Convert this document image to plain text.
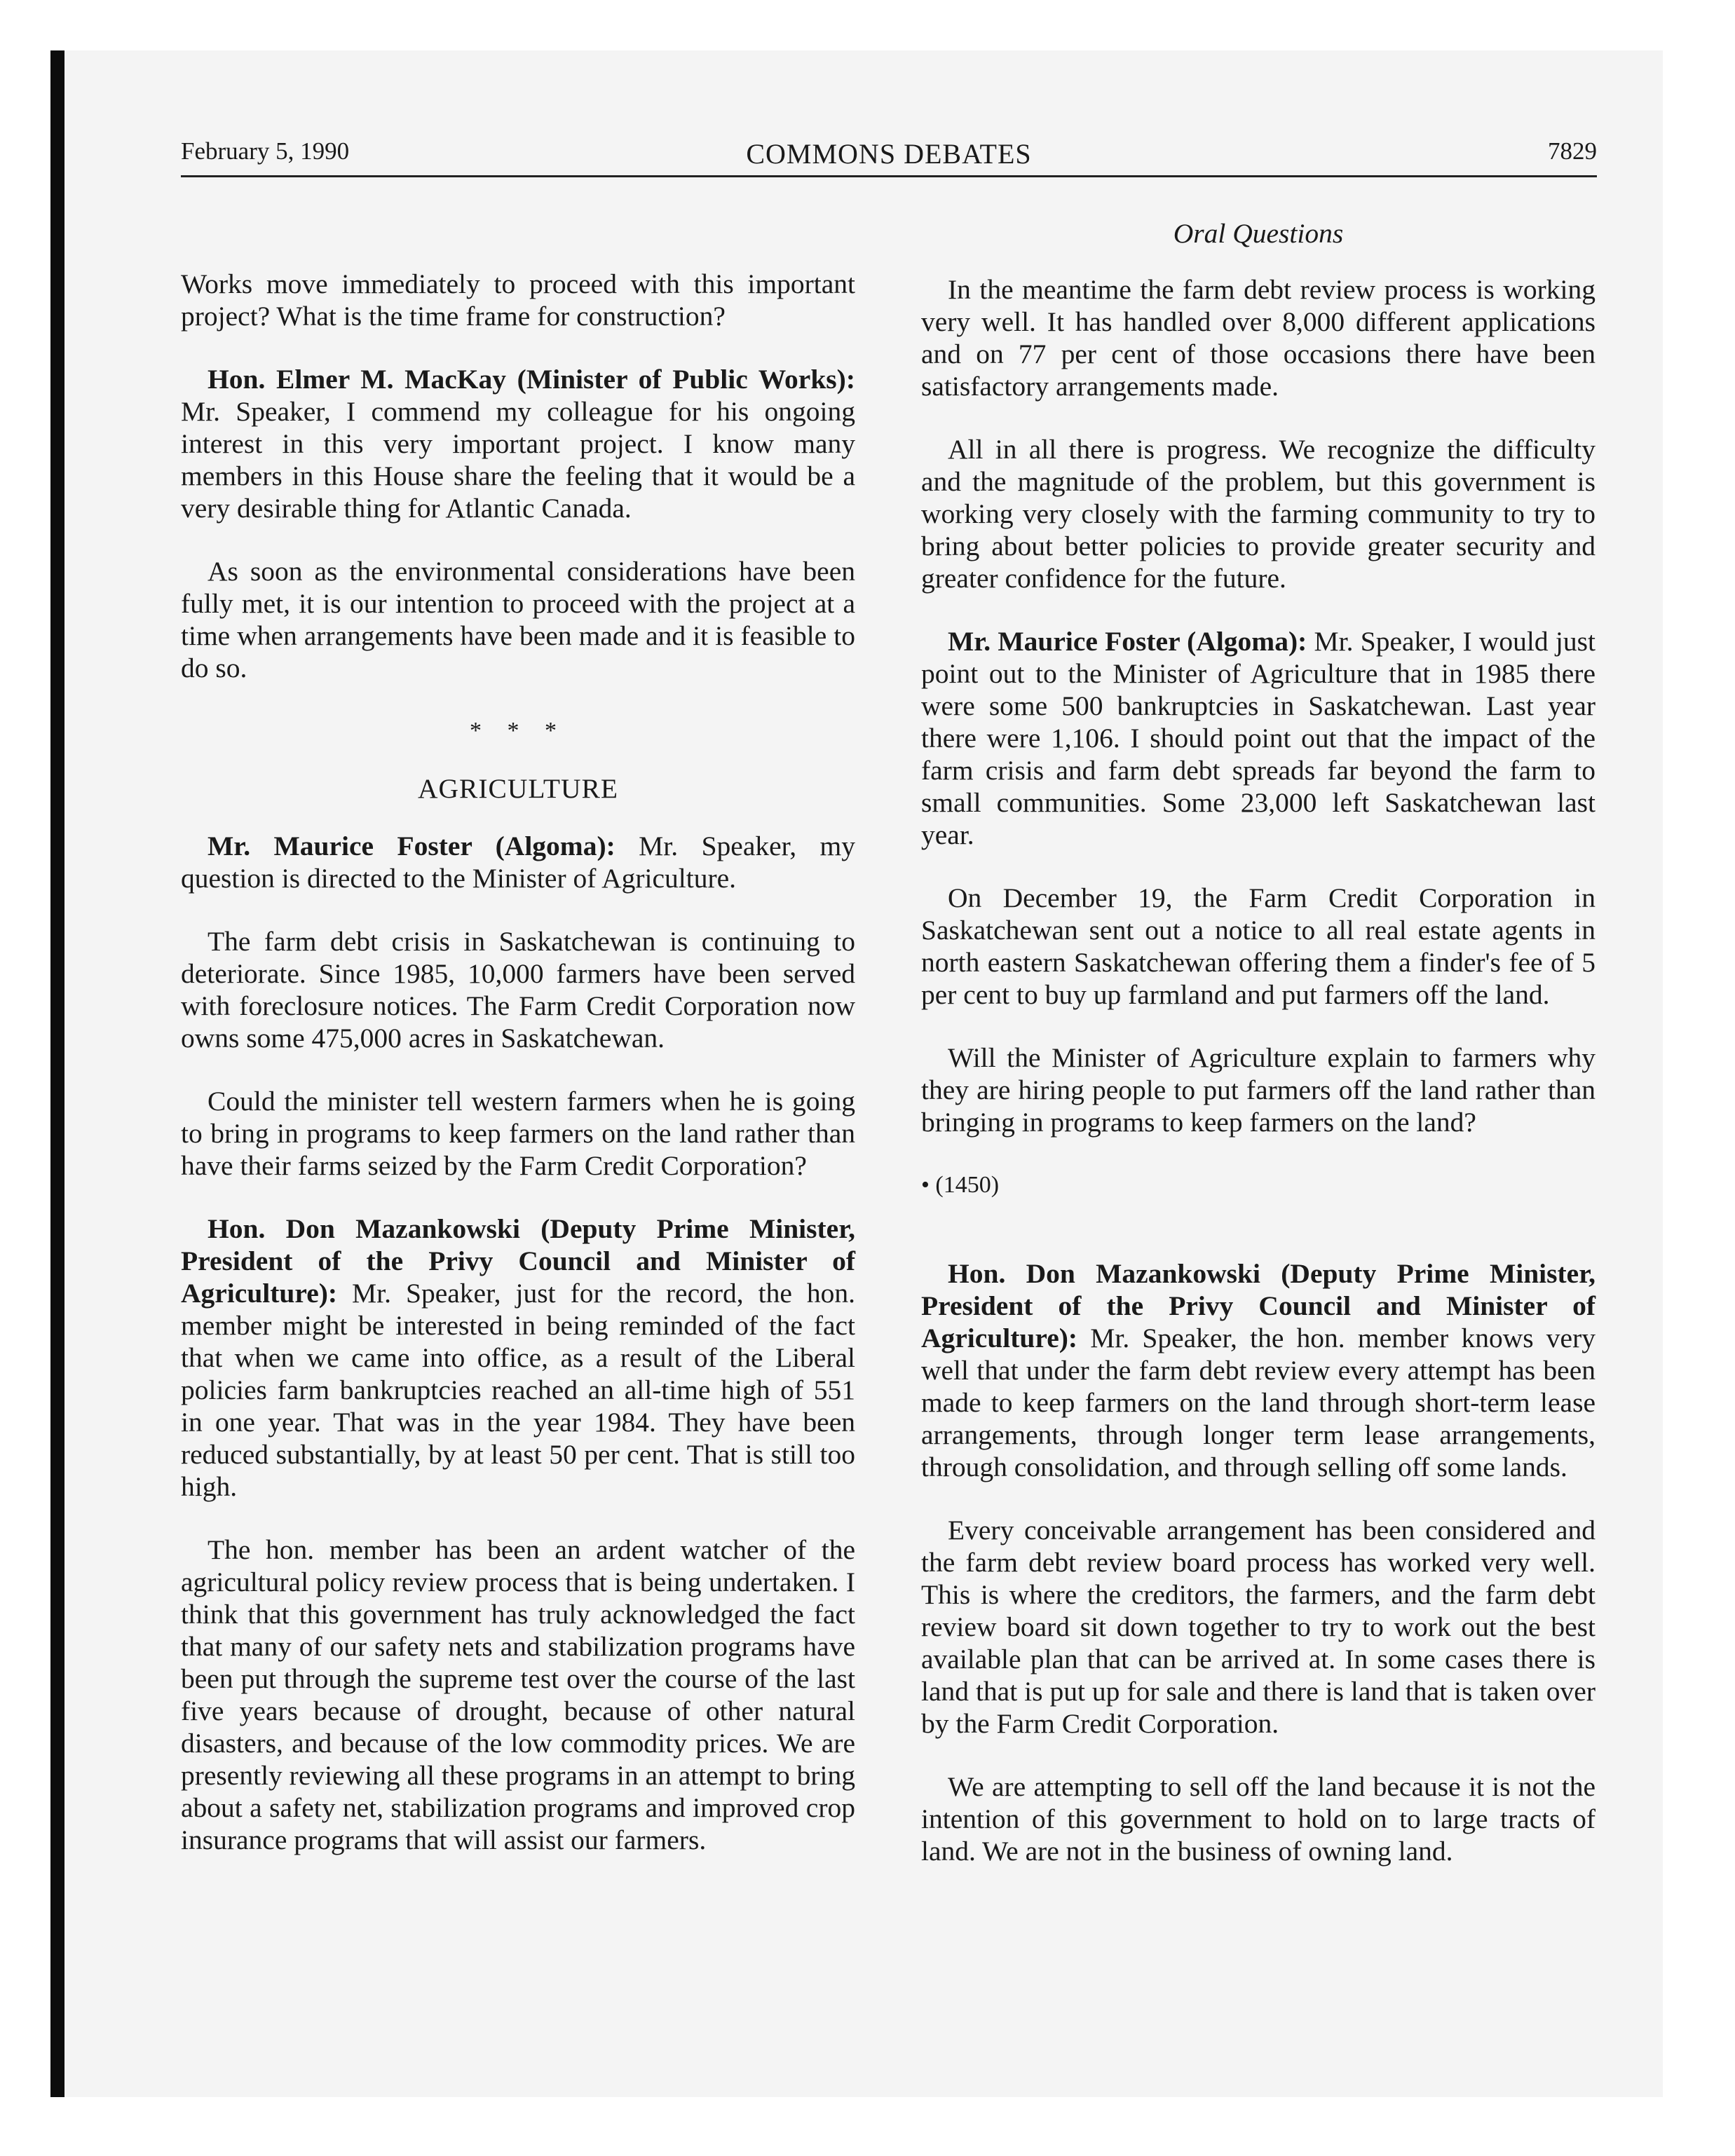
February 5, 1990	COMMONS DEBATES	7829

Works move immediately to proceed with this important project? What is the time frame for construction?

Hon. Elmer M. MacKay (Minister of Public Works): Mr. Speaker, I commend my colleague for his ongoing interest in this very important project. I know many members in this House share the feeling that it would be a very desirable thing for Atlantic Canada.

As soon as the environmental considerations have been fully met, it is our intention to proceed with the project at a time when arrangements have been made and it is feasible to do so.

* * *
AGRICULTURE

Mr. Maurice Foster (Algoma): Mr. Speaker, my question is directed to the Minister of Agriculture.

The farm debt crisis in Saskatchewan is continuing to deteriorate. Since 1985, 10,000 farmers have been served with foreclosure notices. The Farm Credit Corporation now owns some 475,000 acres in Saskatchewan.

Could the minister tell western farmers when he is going to bring in programs to keep farmers on the land rather than have their farms seized by the Farm Credit Corporation?

Hon. Don Mazankowski (Deputy Prime Minister, President of the Privy Council and Minister of Agriculture): Mr. Speaker, just for the record, the hon. member might be interested in being reminded of the fact that when we came into office, as a result of the Liberal policies farm bankruptcies reached an all-time high of 551 in one year. That was in the year 1984. They have been reduced substantially, by at least 50 per cent. That is still too high.

The hon. member has been an ardent watcher of the agricultural policy review process that is being undertaken. I think that this government has truly acknowledged the fact that many of our safety nets and stabilization programs have been put through the supreme test over the course of the last five years because of drought, because of other natural disasters, and because of the low commodity prices. We are presently reviewing all these programs in an attempt to bring about a safety net, stabilization programs and improved crop insurance programs that will assist our farmers.

Oral Questions

In the meantime the farm debt review process is working very well. It has handled over 8,000 different applications and on 77 per cent of those occasions there have been satisfactory arrangements made.

All in all there is progress. We recognize the difficulty and the magnitude of the problem, but this government is working very closely with the farming community to try to bring about better policies to provide greater security and greater confidence for the future.

Mr. Maurice Foster (Algoma): Mr. Speaker, I would just point out to the Minister of Agriculture that in 1985 there were some 500 bankruptcies in Saskatchewan. Last year there were 1,106. I should point out that the impact of the farm crisis and farm debt spreads far beyond the farm to small communities. Some 23,000 left Saskatchewan last year.

On December 19, the Farm Credit Corporation in Saskatchewan sent out a notice to all real estate agents in north eastern Saskatchewan offering them a finder's fee of 5 per cent to buy up farmland and put farmers off the land.

Will the Minister of Agriculture explain to farmers why they are hiring people to put farmers off the land rather than bringing in programs to keep farmers on the land?

• (1450)

Hon. Don Mazankowski (Deputy Prime Minister, President of the Privy Council and Minister of Agriculture): Mr. Speaker, the hon. member knows very well that under the farm debt review every attempt has been made to keep farmers on the land through short-term lease arrangements, through longer term lease arrangements, through consolidation, and through selling off some lands.

Every conceivable arrangement has been considered and the farm debt review board process has worked very well. This is where the creditors, the farmers, and the farm debt review board sit down together to try to work out the best available plan that can be arrived at. In some cases there is land that is put up for sale and there is land that is taken over by the Farm Credit Corporation.

We are attempting to sell off the land because it is not the intention of this government to hold on to large tracts of land. We are not in the business of owning land.
